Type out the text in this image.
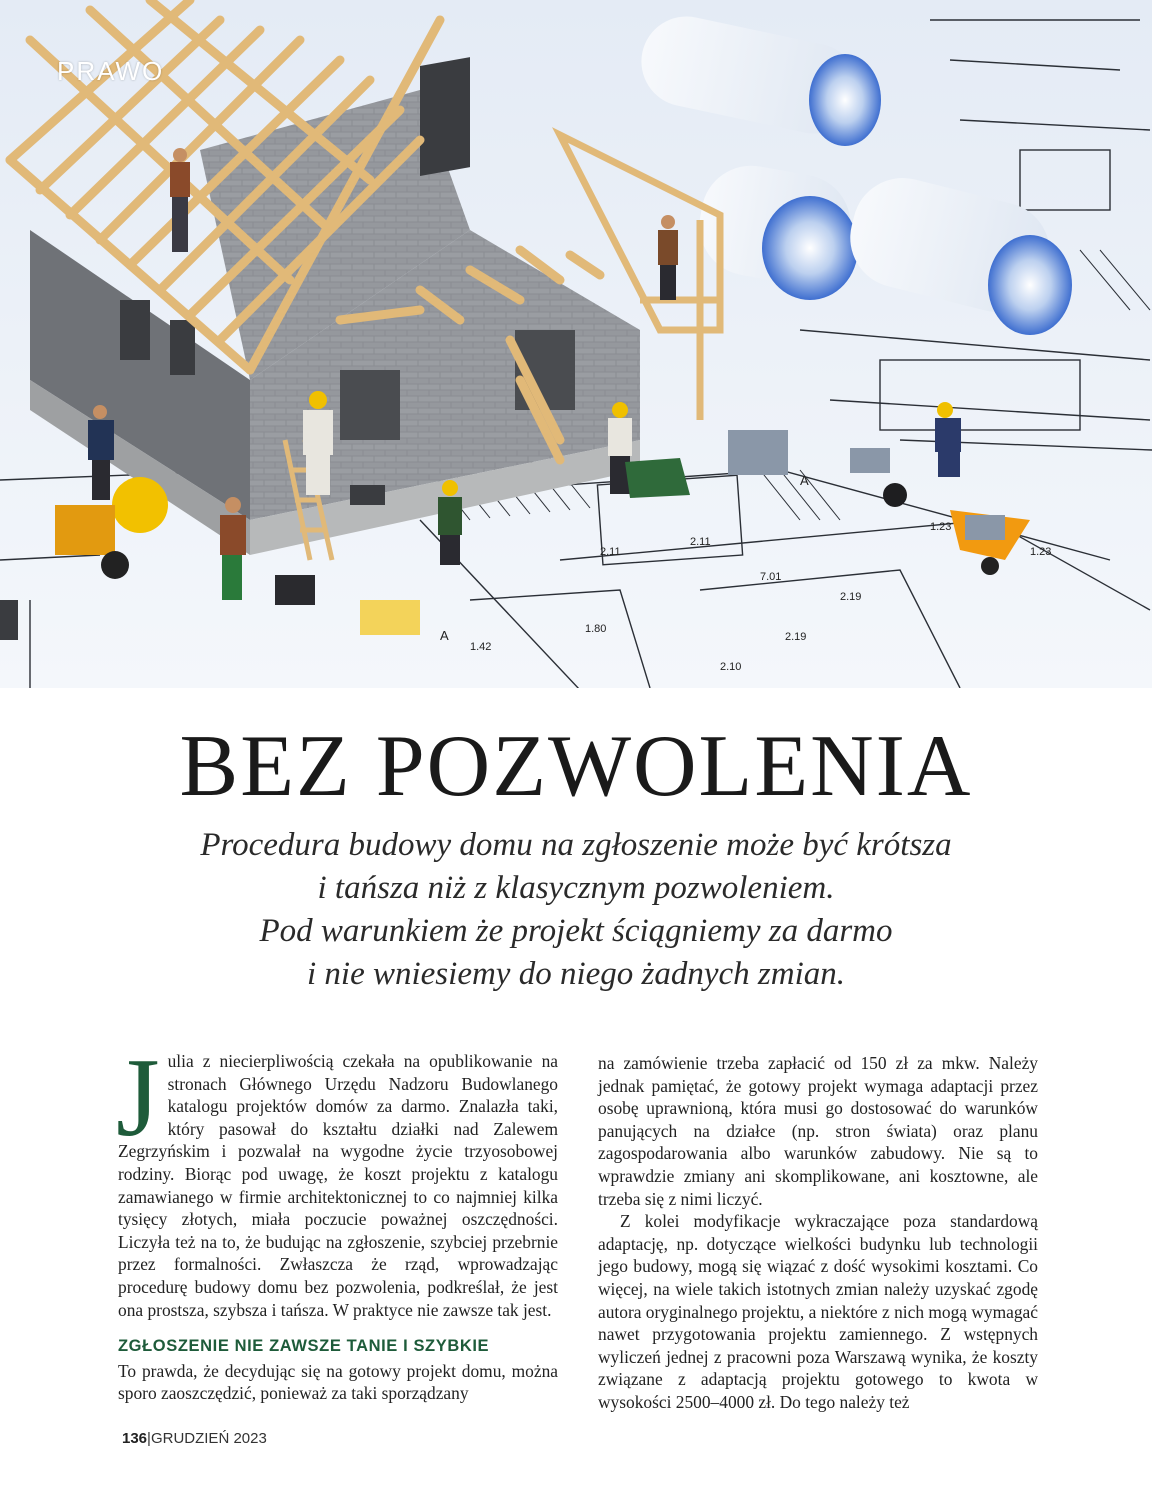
2.11
2.11
1.23
7.01
2.19
2.19
2.10
1.80
1.42
1.23
A
A
PRAWO
BEZ POZWOLENIA
Procedura budowy domu na zgłoszenie może być krótsza
i tańsza niż z klasycznym pozwoleniem.
Pod warunkiem że projekt ściągniemy za darmo
i nie wniesiemy do niego żadnych zmian.
J ulia z niecierpliwością czekała na opublikowanie na stronach Głównego Urzędu Nadzoru Budowlanego katalogu projektów domów za darmo. Znalazła taki, który pasował do kształtu działki nad Zalewem Zegrzyńskim i pozwalał na wygodne życie trzyosobowej rodziny. Biorąc pod uwagę, że koszt projektu z katalogu zamawianego w firmie architektonicznej to co najmniej kilka tysięcy złotych, miała poczucie poważnej oszczędności. Liczyła też na to, że budując na zgłoszenie, szybciej przebrnie przez formalności. Zwłaszcza że rząd, wprowadzając procedurę budowy domu bez pozwolenia, podkreślał, że jest ona prostsza, szybsza i tańsza. W praktyce nie zawsze tak jest.

ZGŁOSZENIE NIE ZAWSZE TANIE I SZYBKIE

To prawda, że decydując się na gotowy projekt domu, można sporo zaoszczędzić, ponieważ za taki sporządzany

na zamówienie trzeba zapłacić od 150 zł za mkw. Należy jednak pamiętać, że gotowy projekt wymaga adaptacji przez osobę uprawnioną, która musi go dostosować do warunków panujących na działce (np. stron świata) oraz planu zagospodarowania albo warunków zabudowy. Nie są to wprawdzie zmiany ani skomplikowane, ani kosztowne, ale trzeba się z nimi liczyć.

Z kolei modyfikacje wykraczające poza standardową adaptację, np. dotyczące wielkości budynku lub technologii jego budowy, mogą się wiązać z dość wysokimi kosztami. Co więcej, na wiele takich istotnych zmian należy uzyskać zgodę autora oryginalnego projektu, a niektóre z nich mogą wymagać nawet przygotowania projektu zamiennego. Z wstępnych wyliczeń jednej z pracowni poza Warszawą wynika, że koszty związane z adaptacją projektu gotowego to kwota w wysokości 2500–4000 zł. Do tego należy też

136|GRUDZIEŃ 2023
